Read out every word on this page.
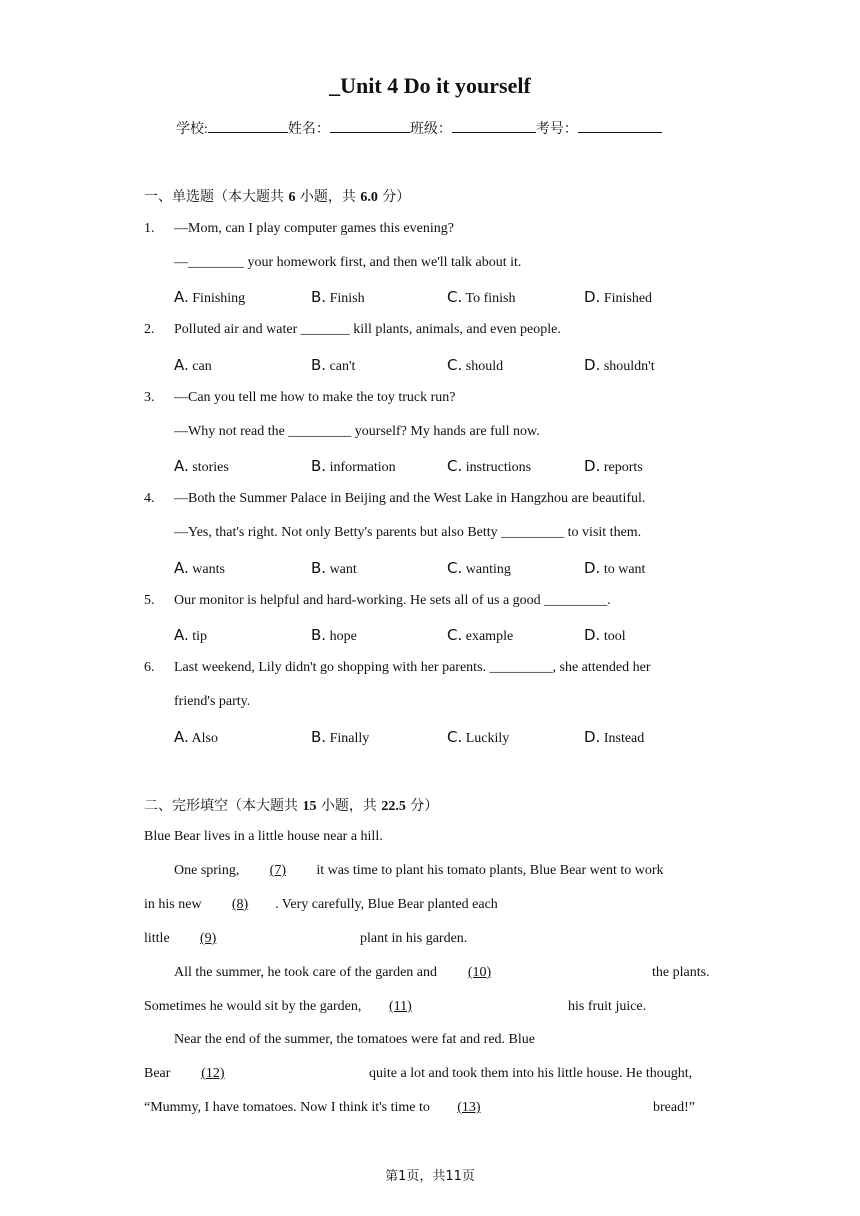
_Unit 4 Do it yourself
学校:	姓名：	班级：	考号：
一、单选题（本大题共 6 小题，共 6.0 分）
1. —Mom, can I play computer games this evening?
—________ your homework first, and then we'll talk about it.
A. Finishing	B. Finish	C. To finish	D. Finished
2. Polluted air and water _______ kill plants, animals, and even people.
A. can	B. can't	C. should	D. shouldn't
3. —Can you tell me how to make the toy truck run?
—Why not read the _________ yourself? My hands are full now.
A. stories	B. information	C. instructions	D. reports
4. —Both the Summer Palace in Beijing and the West Lake in Hangzhou are beautiful.
—Yes, that's right. Not only Betty's parents but also Betty _________ to visit them.
A. wants	B. want	C. wanting	D. to want
5. Our monitor is helpful and hard-working. He sets all of us a good _________.
A. tip	B. hope	C. example	D. tool
6. Last weekend, Lily didn't go shopping with her parents. _________, she attended her
friend's party.
A. Also	B. Finally	C. Luckily	D. Instead
二、完形填空（本大题共 15 小题，共 22.5 分）
Blue Bear lives in a little house near a hill.
One spring, (7) it was time to plant his tomato plants, Blue Bear went to work
in his new (8) . Very carefully, Blue Bear planted each
little (9)	plant in his garden.
All the summer, he took care of the garden and (10)	the plants.
Sometimes he would sit by the garden, (11)	his fruit juice.
Near the end of the summer, the tomatoes were fat and red. Blue
Bear (12)	quite a lot and took them into his little house. He thought,
“Mummy, I have tomatoes. Now I think it's time to (13)	bread!”
第1页，共11页
